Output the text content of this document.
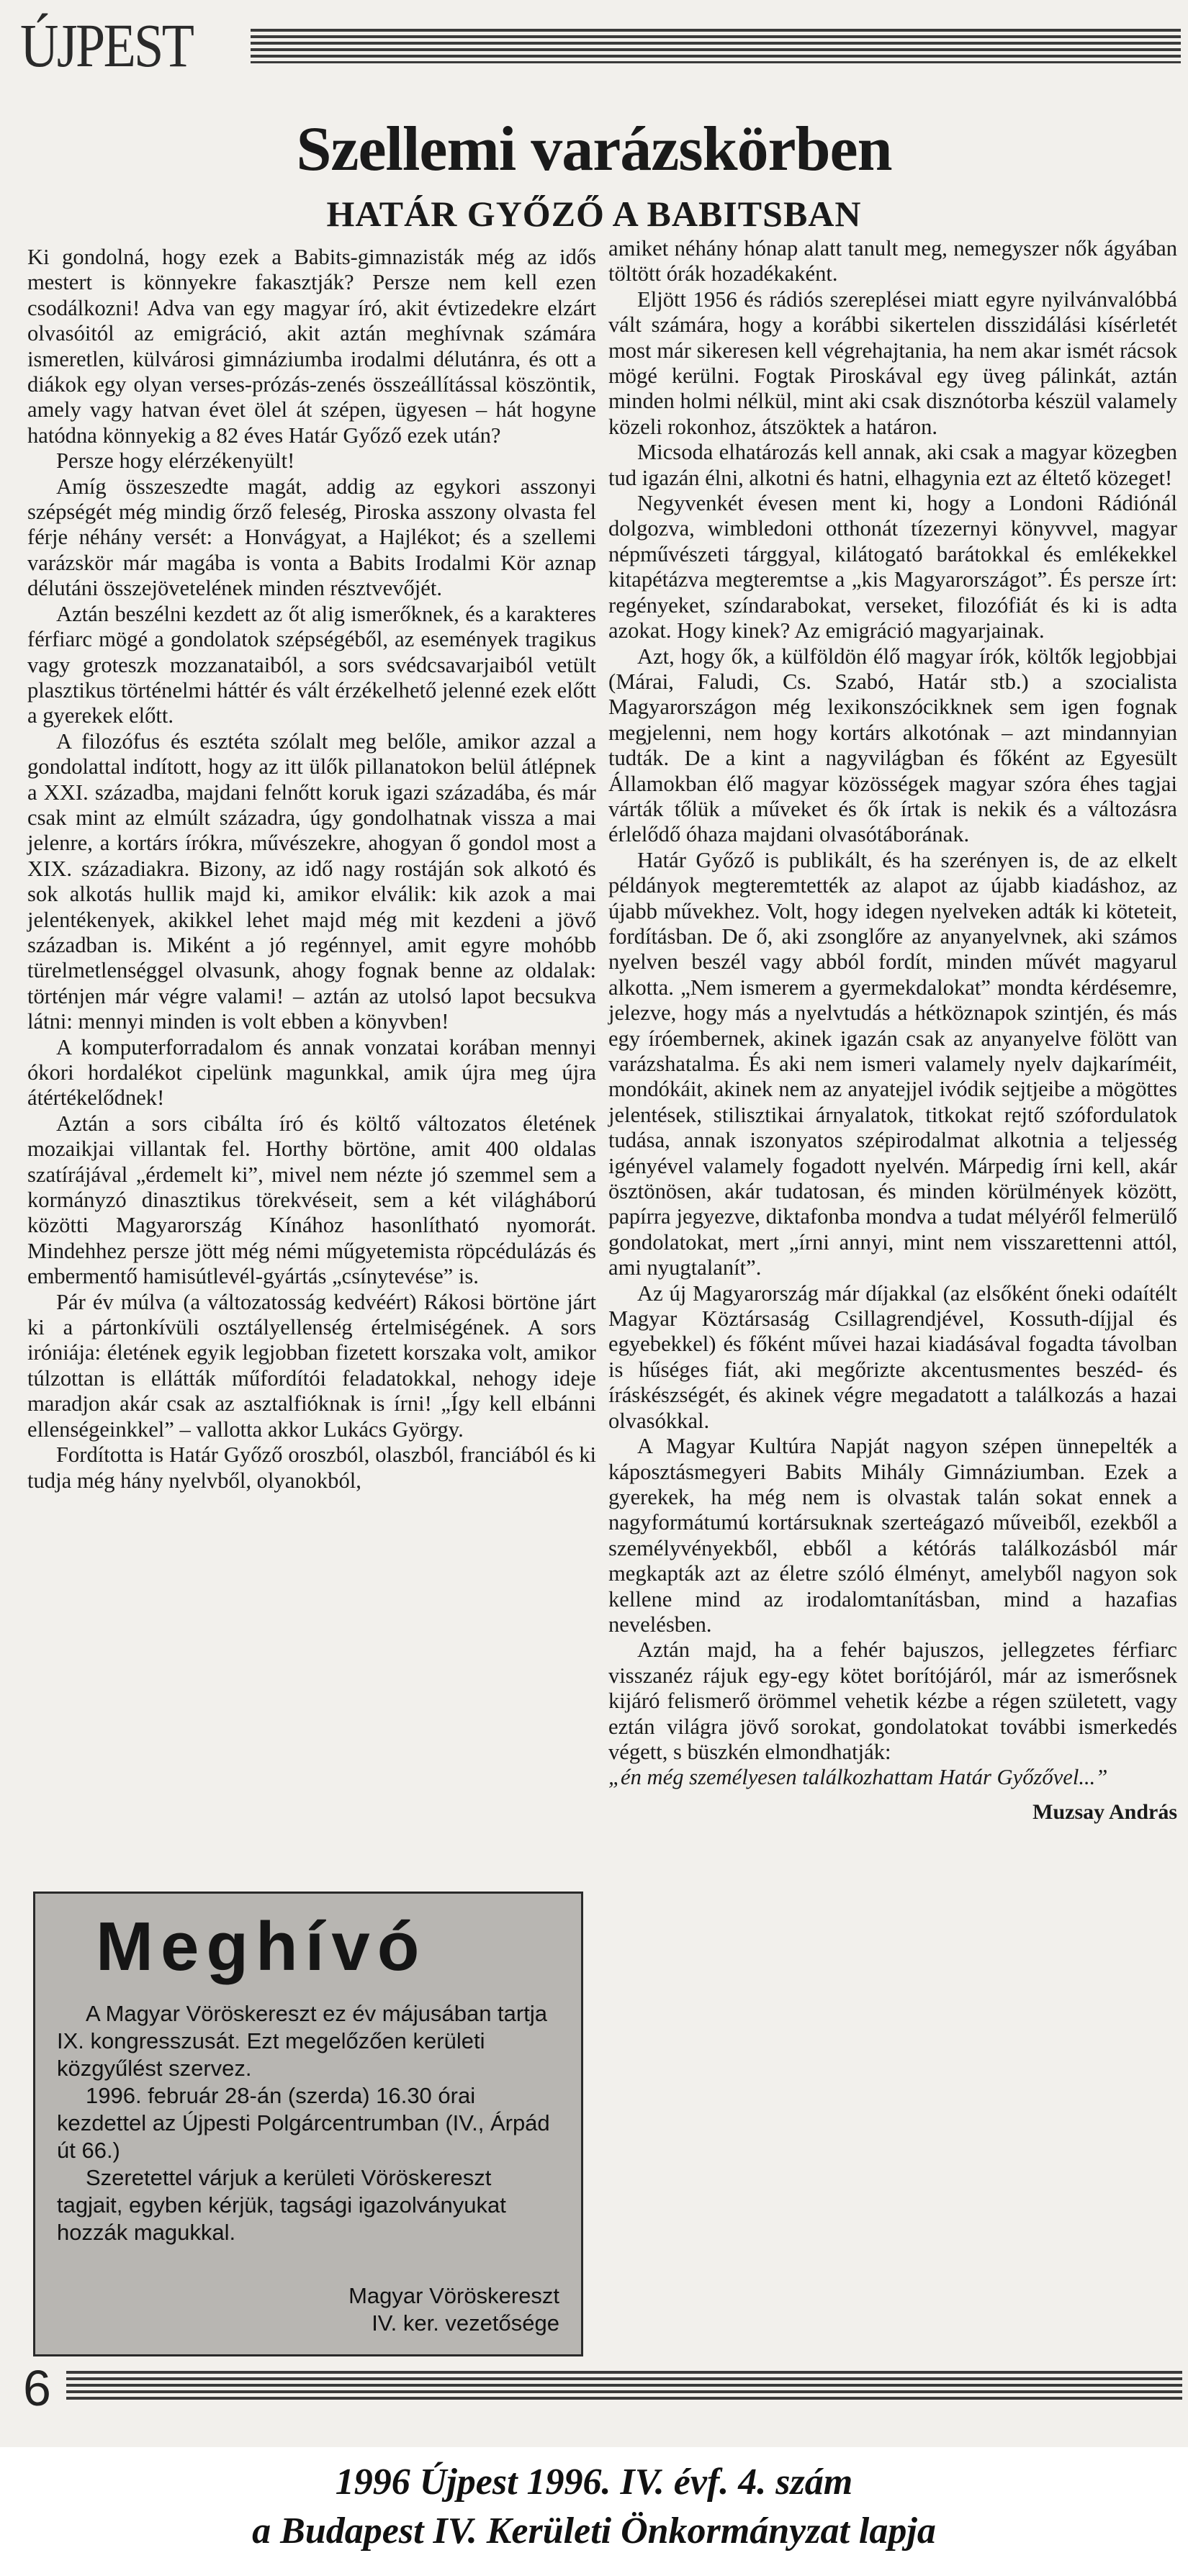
ÚJPEST
Szellemi varázskörben
HATÁR GYŐZŐ A BABITSBAN

Ki gondolná, hogy ezek a Babits-gimnazisták még az idős mestert is könnyekre fakasztják? Persze nem kell ezen csodálkozni! Adva van egy magyar író, akit évtizedekre elzárt olvasóitól az emigráció, akit aztán meghívnak számára ismeretlen, külvárosi gimnáziumba irodalmi délutánra, és ott a diákok egy olyan verses-prózás-zenés összeállítással köszöntik, amely vagy hatvan évet ölel át szépen, ügyesen – hát hogyne hatódna könnyekig a 82 éves Határ Győző ezek után?

Persze hogy elérzékenyült!

Amíg összeszedte magát, addig az egykori asszonyi szépségét még mindig őrző feleség, Piroska asszony olvasta fel férje néhány versét: a Honvágyat, a Hajlékot; és a szellemi varázskör már magába is vonta a Babits Irodalmi Kör aznap délutáni összejövetelének minden résztvevőjét.

Aztán beszélni kezdett az őt alig ismerőknek, és a karakteres férfiarc mögé a gondolatok szépségéből, az események tragikus vagy groteszk mozzanataiból, a sors svédcsavarjaiból vetült plasztikus történelmi háttér és vált érzékelhető jelenné ezek előtt a gyerekek előtt.

A filozófus és esztéta szólalt meg belőle, amikor azzal a gondolattal indított, hogy az itt ülők pillanatokon belül átlépnek a XXI. századba, majdani felnőtt koruk igazi századába, és már csak mint az elmúlt századra, úgy gondolhatnak vissza a mai jelenre, a kortárs írókra, művészekre, ahogyan ő gondol most a XIX. századiakra. Bizony, az idő nagy rostáján sok alkotó és sok alkotás hullik majd ki, amikor elválik: kik azok a mai jelentékenyek, akikkel lehet majd még mit kezdeni a jövő században is. Miként a jó regénnyel, amit egyre mohóbb türelmetlenséggel olvasunk, ahogy fognak benne az oldalak: történjen már végre valami! – aztán az utolsó lapot becsukva látni: mennyi minden is volt ebben a könyvben!

A komputerforradalom és annak vonzatai korában mennyi ókori hordalékot cipelünk magunkkal, amik újra meg újra átértékelődnek!

Aztán a sors cibálta író és költő változatos életének mozaikjai villantak fel. Horthy börtöne, amit 400 oldalas szatírájával „érdemelt ki”, mivel nem nézte jó szemmel sem a kormányzó dinasztikus törekvéseit, sem a két világháború közötti Magyarország Kínához hasonlítható nyomorát. Mindehhez persze jött még némi műgyetemista röpcédulázás és embermentő hamisútlevél-gyártás „csínytevése” is.

Pár év múlva (a változatosság kedvéért) Rákosi börtöne járt ki a pártonkívüli osztályellenség értelmiségének. A sors iróniája: életének egyik legjobban fizetett korszaka volt, amikor túlzottan is ellátták műfordítói feladatokkal, nehogy ideje maradjon akár csak az asztalfióknak is írni! „Így kell elbánni ellenségeinkkel” – vallotta akkor Lukács György.

Fordította is Határ Győző oroszból, olaszból, franciából és ki tudja még hány nyelvből, olyanokból,

Meghívó

A Magyar Vöröskereszt ez év májusában tartja IX. kongresszusát. Ezt megelőzően kerületi közgyűlést szervez.

1996. február 28-án (szerda) 16.30 órai kezdettel az Újpesti Polgárcentrumban (IV., Árpád út 66.)

Szeretettel várjuk a kerületi Vöröskereszt tagjait, egyben kérjük, tagsági igazolványukat hozzák magukkal.

Magyar Vöröskereszt
IV. ker. vezetősége

amiket néhány hónap alatt tanult meg, nemegyszer nők ágyában töltött órák hozadékaként.

Eljött 1956 és rádiós szereplései miatt egyre nyilvánvalóbbá vált számára, hogy a korábbi sikertelen disszidálási kísérletét most már sikeresen kell végrehajtania, ha nem akar ismét rácsok mögé kerülni. Fogtak Piroskával egy üveg pálinkát, aztán minden holmi nélkül, mint aki csak disznótorba készül valamely közeli rokonhoz, átszöktek a határon.

Micsoda elhatározás kell annak, aki csak a magyar közegben tud igazán élni, alkotni és hatni, elhagynia ezt az éltető közeget!

Negyvenkét évesen ment ki, hogy a Londoni Rádiónál dolgozva, wimbledoni otthonát tízezernyi könyvvel, magyar népművészeti tárggyal, kilátogató barátokkal és emlékekkel kitapétázva megteremtse a „kis Magyarországot”. És persze írt: regényeket, színdarabokat, verseket, filozófiát és ki is adta azokat. Hogy kinek? Az emigráció magyarjainak.

Azt, hogy ők, a külföldön élő magyar írók, költők legjobbjai (Márai, Faludi, Cs. Szabó, Határ stb.) a szocialista Magyarországon még lexikonszócikknek sem igen fognak megjelenni, nem hogy kortárs alkotónak – azt mindannyian tudták. De a kint a nagyvilágban és főként az Egyesült Államokban élő magyar közösségek magyar szóra éhes tagjai várták tőlük a műveket és ők írtak is nekik és a változásra érlelődő óhaza majdani olvasótáborának.

Határ Győző is publikált, és ha szerényen is, de az elkelt példányok megteremtették az alapot az újabb kiadáshoz, az újabb művekhez. Volt, hogy idegen nyelveken adták ki köteteit, fordításban. De ő, aki zsonglőre az anyanyelvnek, aki számos nyelven beszél vagy abból fordít, minden művét magyarul alkotta. „Nem ismerem a gyermekdalokat” mondta kérdésemre, jelezve, hogy más a nyelvtudás a hétköznapok szintjén, és más egy íróembernek, akinek igazán csak az anyanyelve fölött van varázshatalma. És aki nem ismeri valamely nyelv dajkaríméit, mondókáit, akinek nem az anyatejjel ivódik sejtjeibe a mögöttes jelentések, stilisztikai árnyalatok, titkokat rejtő szófordulatok tudása, annak iszonyatos szépirodalmat alkotnia a teljesség igényével valamely fogadott nyelvén. Márpedig írni kell, akár ösztönösen, akár tudatosan, és minden körülmények között, papírra jegyezve, diktafonba mondva a tudat mélyéről felmerülő gondolatokat, mert „írni annyi, mint nem visszarettenni attól, ami nyugtalanít”.

Az új Magyarország már díjakkal (az elsőként őneki odaítélt Magyar Köztársaság Csillagrendjével, Kossuth-díjjal és egyebekkel) és főként művei hazai kiadásával fogadta távolban is hűséges fiát, aki megőrizte akcentusmentes beszéd- és íráskészségét, és akinek végre megadatott a találkozás a hazai olvasókkal.

A Magyar Kultúra Napját nagyon szépen ünnepelték a káposztásmegyeri Babits Mihály Gimnáziumban. Ezek a gyerekek, ha még nem is olvastak talán sokat ennek a nagyformátumú kortársuknak szerteágazó műveiből, ezekből a személyvényekből, ebből a kétórás találkozásból már megkapták azt az életre szóló élményt, amelyből nagyon sok kellene mind az irodalomtanításban, mind a hazafias nevelésben.

Aztán majd, ha a fehér bajuszos, jellegzetes férfiarc visszanéz rájuk egy-egy kötet borítójáról, már az ismerősnek kijáró felismerő örömmel vehetik kézbe a régen született, vagy eztán világra jövő sorokat, gondolatokat további ismerkedés végett, s büszkén elmondhatják:

„én még személyesen találkozhattam Határ Győzővel...”

Muzsay András

6
1996 Újpest 1996. IV. évf. 4. szám
a Budapest IV. Kerületi Önkormányzat lapja
